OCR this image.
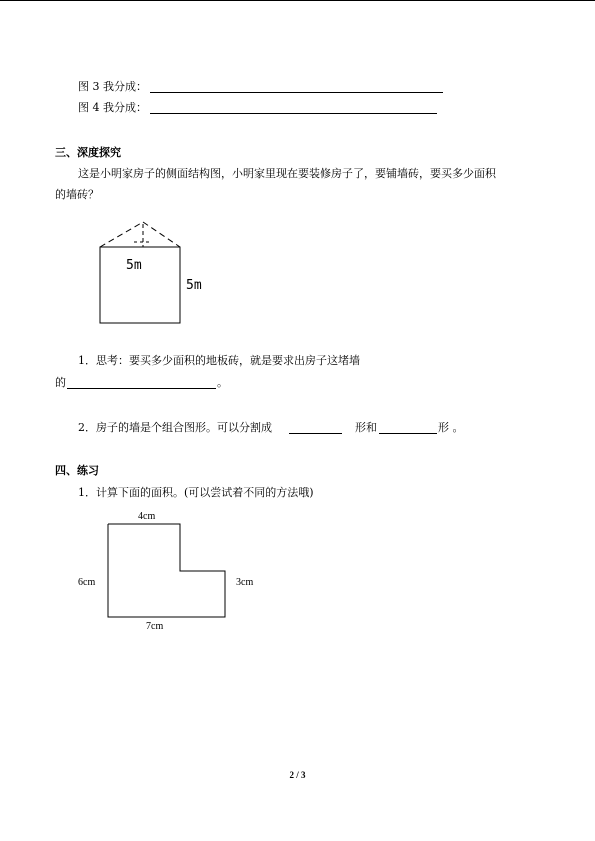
图 3 我分成：
图 4 我分成：
三、深度探究
这是小明家房子的侧面结构图，小明家里现在要装修房子了，要铺墙砖，要买多少面积
的墙砖？
5m
5m
1．思考：要买多少面积的地板砖，就是要求出房子这堵墙
的	。
2．房子的墙是个组合图形。可以分割成	形和	形 。
四、练习
1．计算下面的面积。(可以尝试着不同的方法哦)
4cm
6cm	3cm
7cm
2 / 3
